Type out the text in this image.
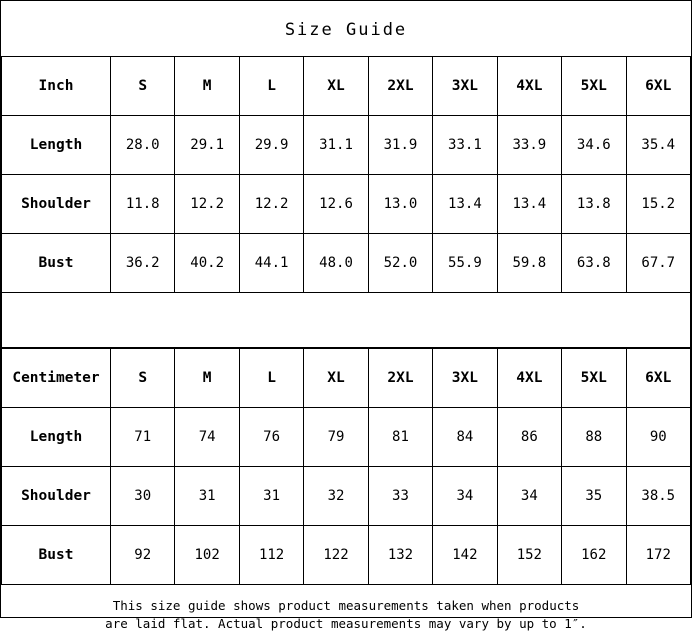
Size Guide
Inch	S	M	L	XL	2XL	3XL	4XL	5XL	6XL
Length	28.0	29.1	29.9	31.1	31.9	33.1	33.9	34.6	35.4
Shoulder	11.8	12.2	12.2	12.6	13.0	13.4	13.4	13.8	15.2
Bust	36.2	40.2	44.1	48.0	52.0	55.9	59.8	63.8	67.7
Centimeter	S	M	L	XL	2XL	3XL	4XL	5XL	6XL
Length	71	74	76	79	81	84	86	88	90
Shoulder	30	31	31	32	33	34	34	35	38.5
Bust	92	102	112	122	132	142	152	162	172
This size guide shows product measurements taken when products
are laid flat. Actual product measurements may vary by up to 1″.
